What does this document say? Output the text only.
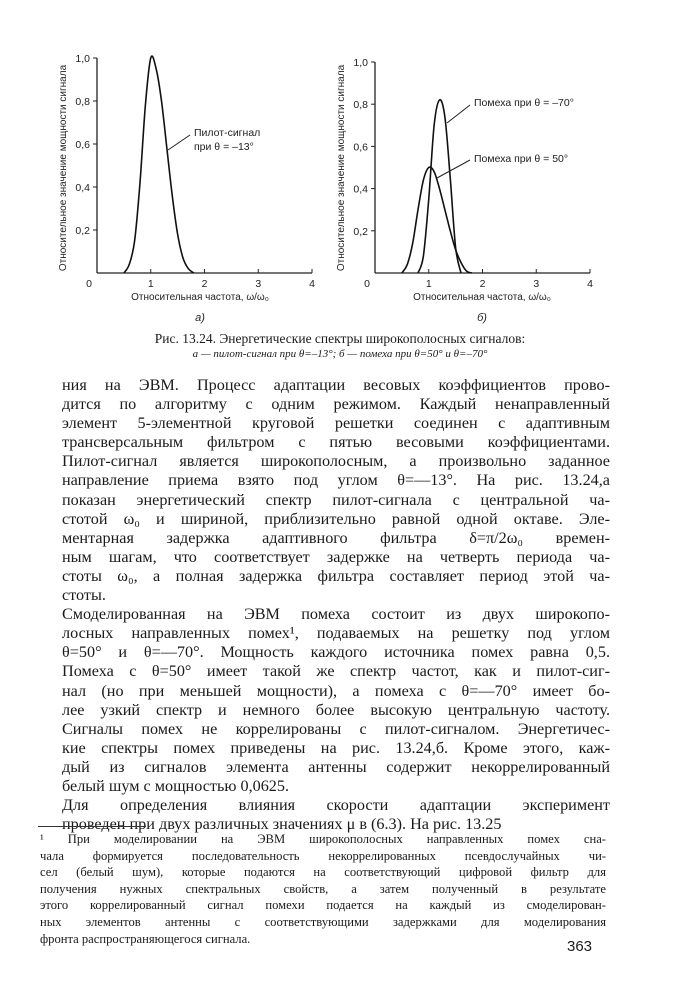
0,2
0,4
0,6
0,8
1,0
0	1	2	3	4
Пилот-сигнал
при θ = –13°
Относительное значение мощности сигнала
Относительная частота, ω/ω₀
а)
0,2
0,4
0,6
0,8
1,0
0	1	2	3	4
Помеха при θ = –70°
Помеха при θ = 50°
Относительное значение мощности сигнала
Относительная частота, ω/ω₀
б)
Рис. 13.24. Энергетические спектры широкополосных сигналов:
а — пилот-сигнал при θ=–13°; б — помеха при θ=50° и θ=–70°
ния на ЭВМ. Процесс адаптации весовых коэффициентов прово-
дится по алгоритму с одним режимом. Каждый ненаправленный
элемент 5-элементной круговой решетки соединен с адаптивным
трансверсальным фильтром с пятью весовыми коэффициентами.
Пилот-сигнал является широкополосным, а произвольно заданное
направление приема взято под углом θ=—13°. На рис. 13.24,а
показан энергетический спектр пилот-сигнала с центральной ча-
стотой ω₀ и шириной, приблизительно равной одной октаве. Эле-
ментарная задержка адаптивного фильтра δ=π/2ω₀ времен-
ным шагам, что соответствует задержке на четверть периода ча-
стоты ω₀, а полная задержка фильтра составляет период этой ча-
стоты.
Смоделированная на ЭВМ помеха состоит из двух широкопо-
лосных направленных помех¹, подаваемых на решетку под углом
θ=50° и θ=—70°. Мощность каждого источника помех равна 0,5.
Помеха с θ=50° имеет такой же спектр частот, как и пилот-сиг-
нал (но при меньшей мощности), а помеха с θ=—70° имеет бо-
лее узкий спектр и немного более высокую центральную частоту.
Сигналы помех не коррелированы с пилот-сигналом. Энергетичес-
кие спектры помех приведены на рис. 13.24,б. Кроме этого, каж-
дый из сигналов элемента антенны содержит некоррелированный
белый шум с мощностью 0,0625.
Для определения влияния скорости адаптации эксперимент
проведен при двух различных значениях μ в (6.3). На рис. 13.25
¹ При моделировании на ЭВМ широкополосных направленных помех сна-
чала формируется последовательность некоррелированных псевдослучайных чи-
сел (белый шум), которые подаются на соответствующий цифровой фильтр для
получения нужных спектральных свойств, а затем полученный в результате
этого коррелированный сигнал помехи подается на каждый из смоделирован-
ных элементов антенны с соответствующими задержками для моделирования
фронта распространяющегося сигнала.	363
